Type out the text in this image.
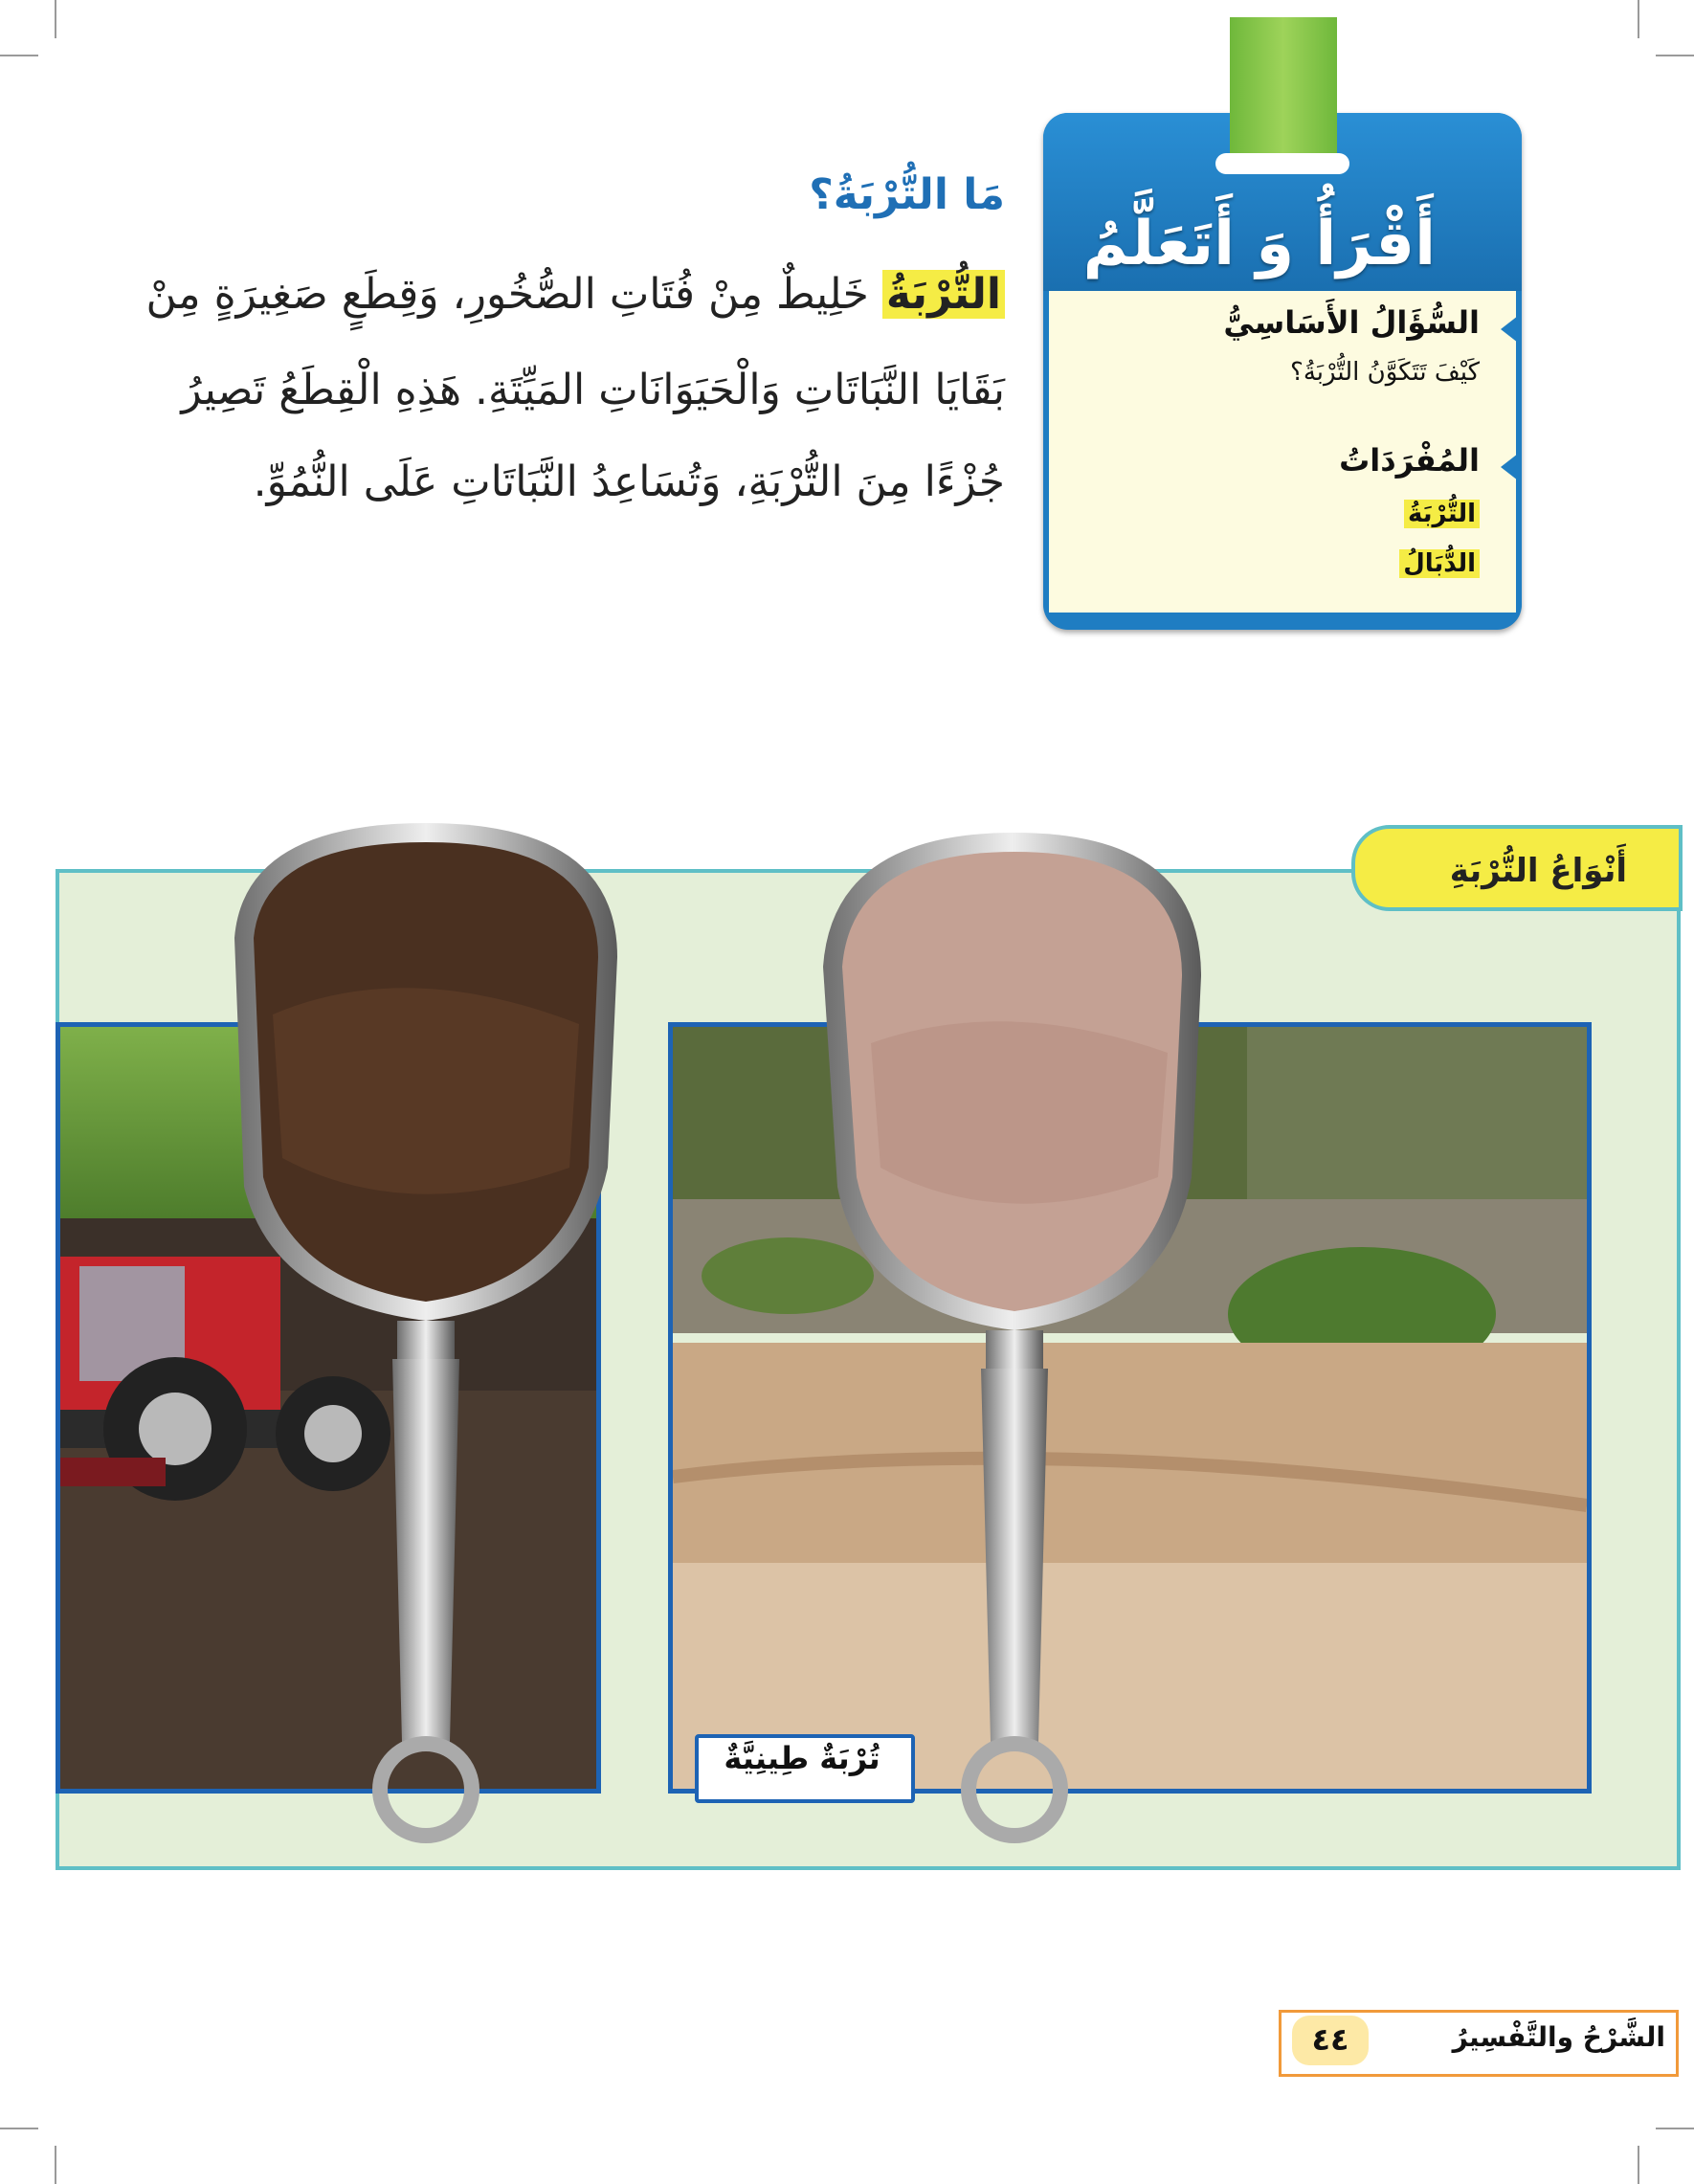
أَقْرَأُ وَ أَتَعَلَّمُ
السُّؤَالُ الأَسَاسِيُّ
كَيْفَ تَتَكَوَّنُ التُّرْبَةُ؟
المُفْرَدَاتُ
التُّرْبَةُ
الدُّبَالُ
مَا التُّرْبَةُ؟
التُّرْبَةُ خَلِيطٌ مِنْ فُتَاتِ الصُّخُورِ، وَقِطَعٍ صَغِيرَةٍ مِنْ
بَقَايَا النَّبَاتَاتِ وَالْحَيَوَانَاتِ المَيِّتَةِ. هَذِهِ الْقِطَعُ تَصِيرُ
جُزْءًا مِنَ التُّرْبَةِ، وَتُسَاعِدُ النَّبَاتَاتِ عَلَى النُّمُوِّ.
أَنْوَاعُ التُّرْبَةِ
تُرْبَةٌ طِينِيَّةٌ
٤٤	الشَّرْحُ والتَّفْسِيرُ
